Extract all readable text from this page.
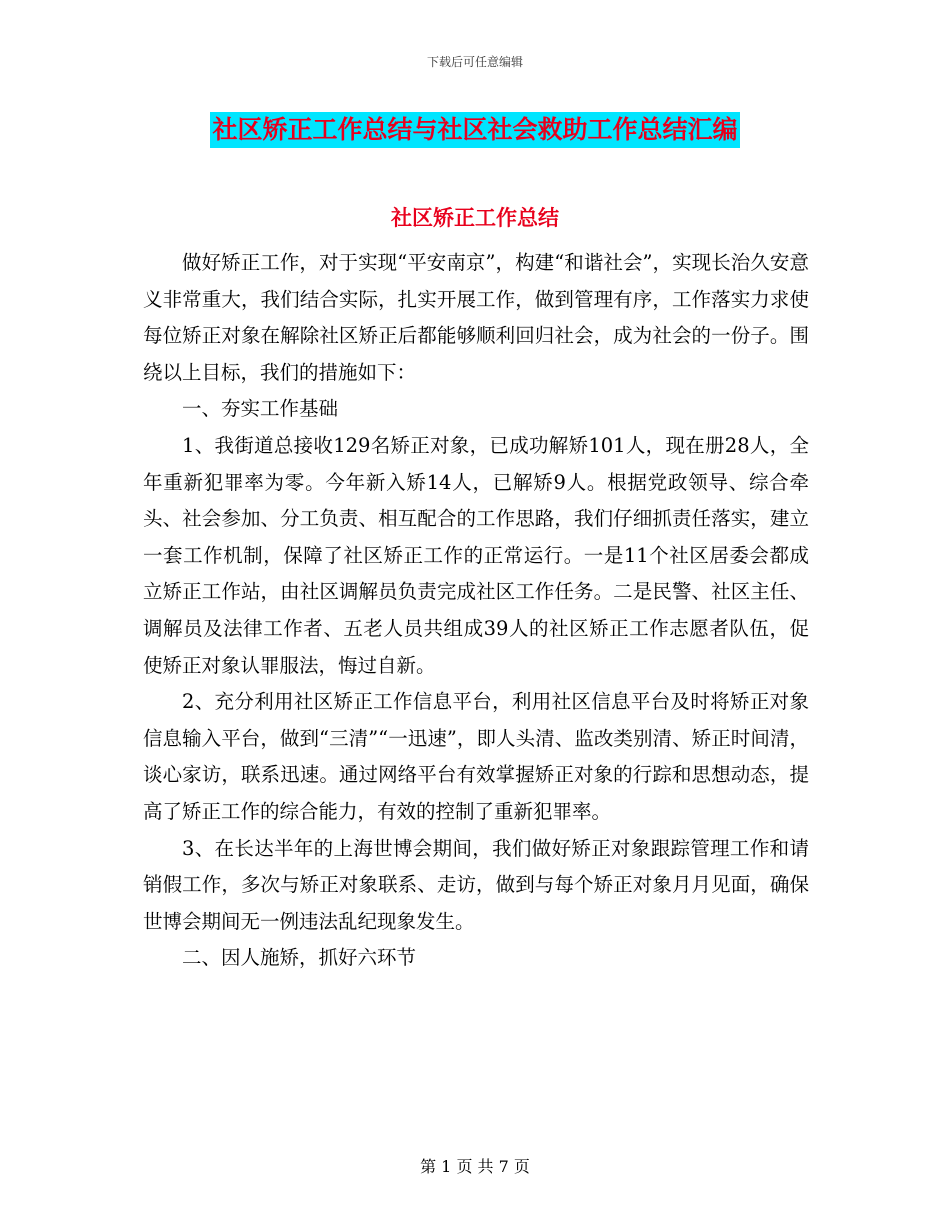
下载后可任意编辑
社区矫正工作总结与社区社会救助工作总结汇编
社区矫正工作总结

做好矫正工作，对于实现“平安南京”，构建“和谐社会”，实现长治久安意义非常重大，我们结合实际，扎实开展工作，做到管理有序，工作落实力求使每位矫正对象在解除社区矫正后都能够顺利回归社会，成为社会的一份子。围绕以上目标，我们的措施如下：

一、夯实工作基础

1、我街道总接收129名矫正对象，已成功解矫101人，现在册28人，全年重新犯罪率为零。今年新入矫14人，已解矫9人。根据党政领导、综合牵头、社会参加、分工负责、相互配合的工作思路，我们仔细抓责任落实，建立一套工作机制，保障了社区矫正工作的正常运行。一是11个社区居委会都成立矫正工作站，由社区调解员负责完成社区工作任务。二是民警、社区主任、调解员及法律工作者、五老人员共组成39人的社区矫正工作志愿者队伍，促使矫正对象认罪服法，悔过自新。

2、充分利用社区矫正工作信息平台，利用社区信息平台及时将矫正对象信息输入平台，做到“三清”“一迅速”，即人头清、监改类别清、矫正时间清，谈心家访，联系迅速。通过网络平台有效掌握矫正对象的行踪和思想动态，提高了矫正工作的综合能力，有效的控制了重新犯罪率。

3、在长达半年的上海世博会期间，我们做好矫正对象跟踪管理工作和请销假工作，多次与矫正对象联系、走访，做到与每个矫正对象月月见面，确保世博会期间无一例违法乱纪现象发生。

二、因人施矫，抓好六环节

第 1 页 共 7 页
